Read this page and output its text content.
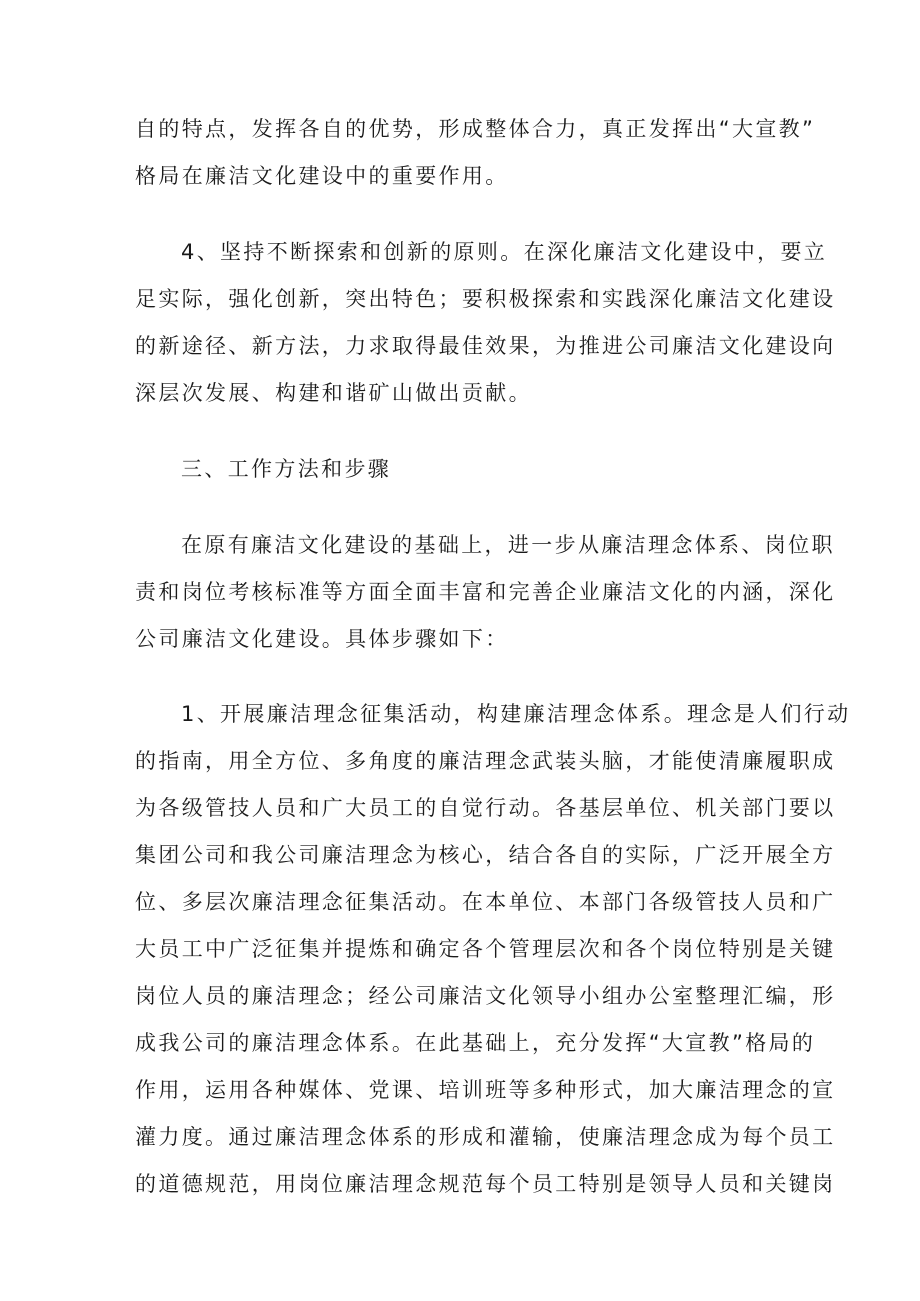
自的特点，发挥各自的优势，形成整体合力，真正发挥出“大宣教”
格局在廉洁文化建设中的重要作用。

4、坚持不断探索和创新的原则。在深化廉洁文化建设中，要立
足实际，强化创新，突出特色；要积极探索和实践深化廉洁文化建设
的新途径、新方法，力求取得最佳效果，为推进公司廉洁文化建设向
深层次发展、构建和谐矿山做出贡献。

三、工作方法和步骤

在原有廉洁文化建设的基础上，进一步从廉洁理念体系、岗位职
责和岗位考核标准等方面全面丰富和完善企业廉洁文化的内涵，深化
公司廉洁文化建设。具体步骤如下：

1、开展廉洁理念征集活动，构建廉洁理念体系。理念是人们行动
的指南，用全方位、多角度的廉洁理念武装头脑，才能使清廉履职成
为各级管技人员和广大员工的自觉行动。各基层单位、机关部门要以
集团公司和我公司廉洁理念为核心，结合各自的实际，广泛开展全方
位、多层次廉洁理念征集活动。在本单位、本部门各级管技人员和广
大员工中广泛征集并提炼和确定各个管理层次和各个岗位特别是关键
岗位人员的廉洁理念；经公司廉洁文化领导小组办公室整理汇编，形
成我公司的廉洁理念体系。在此基础上，充分发挥“大宣教”格局的
作用，运用各种媒体、党课、培训班等多种形式，加大廉洁理念的宣
灌力度。通过廉洁理念体系的形成和灌输，使廉洁理念成为每个员工
的道德规范，用岗位廉洁理念规范每个员工特别是领导人员和关键岗
